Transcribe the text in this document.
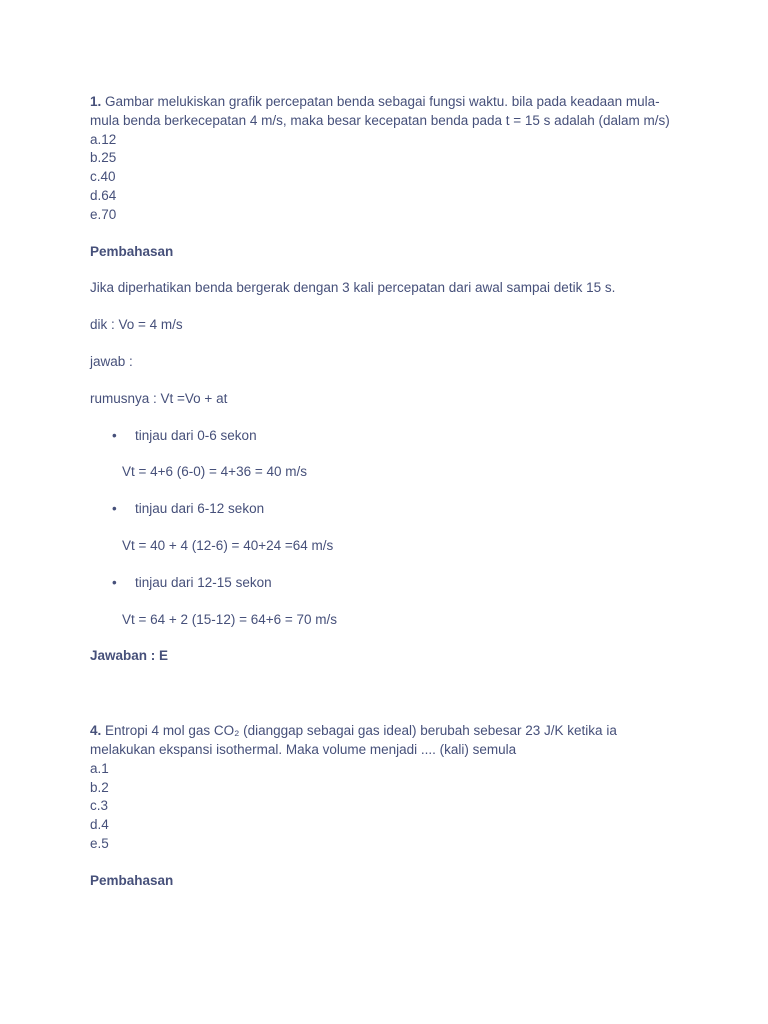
1. Gambar melukiskan grafik percepatan benda sebagai fungsi waktu. bila pada keadaan mula-mula benda berkecepatan 4 m/s, maka besar kecepatan benda pada t = 15 s adalah (dalam m/s)
a.12
b.25
c.40
d.64
e.70
Pembahasan
Jika diperhatikan benda bergerak dengan 3 kali percepatan dari awal sampai detik 15 s.
dik : Vo = 4 m/s
jawab :
rumusnya : Vt =Vo + at
• tinjau dari 0-6 sekon
Vt = 4+6 (6-0) = 4+36 = 40 m/s
• tinjau dari 6-12 sekon
Vt = 40 + 4 (12-6) = 40+24 =64 m/s
• tinjau dari 12-15 sekon
Vt = 64 + 2 (15-12) = 64+6 = 70 m/s
Jawaban : E
4. Entropi 4 mol gas CO₂ (dianggap sebagai gas ideal) berubah sebesar 23 J/K ketika ia melakukan ekspansi isothermal. Maka volume menjadi .... (kali) semula
a.1
b.2
c.3
d.4
e.5
Pembahasan
